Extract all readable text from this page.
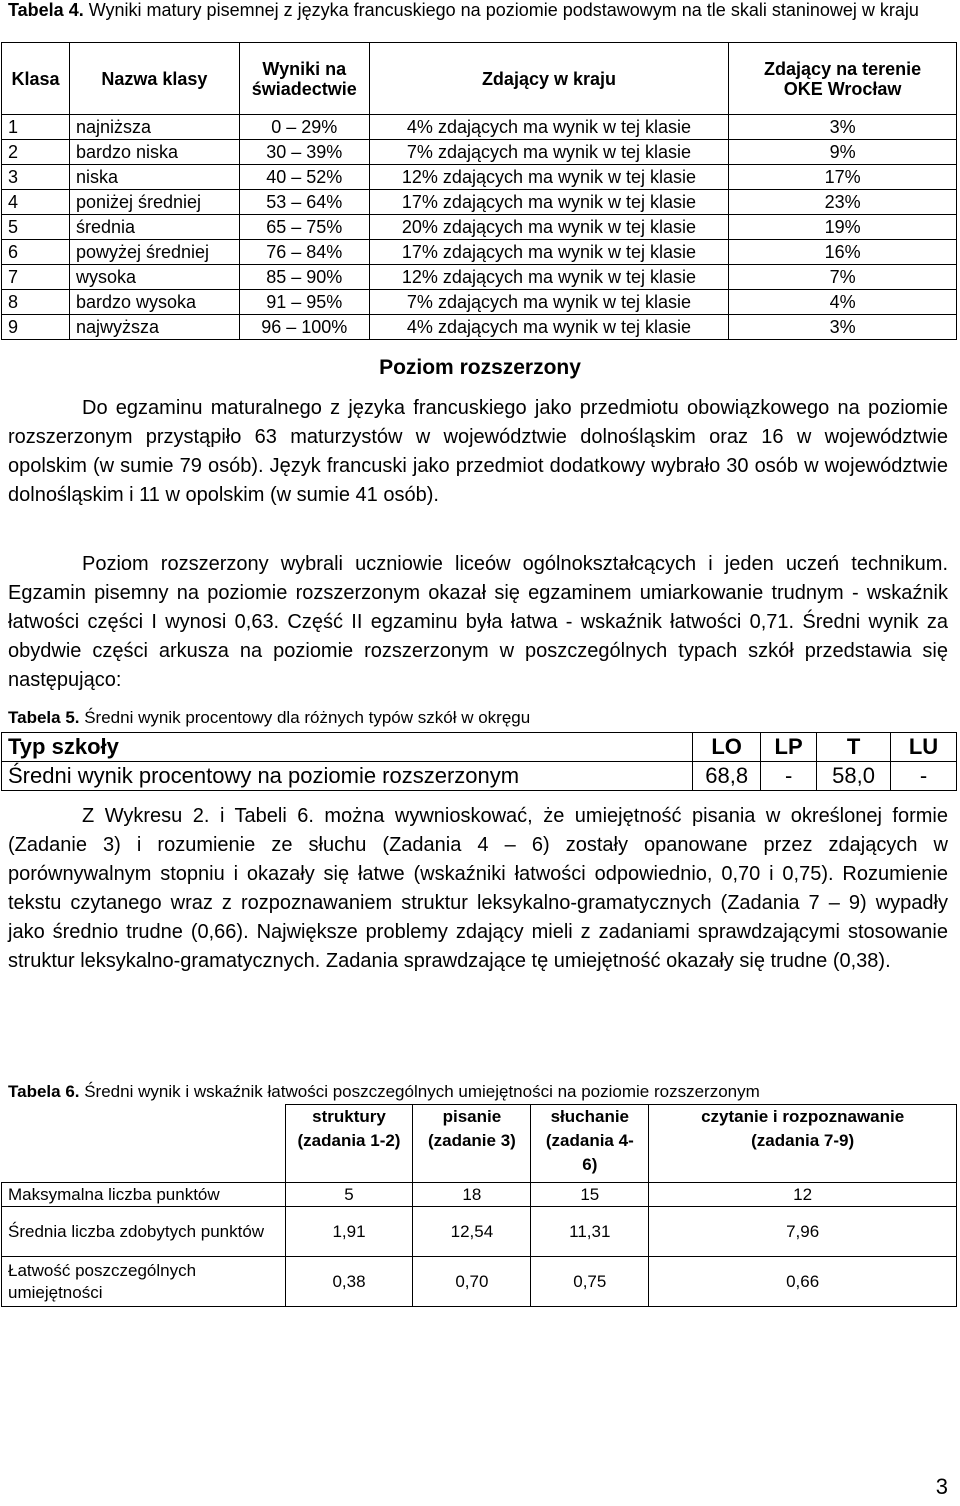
Tabela 4. Wyniki matury pisemnej z języka francuskiego na poziomie podstawowym na tle skali staninowej w kraju
Klasa	Nazwa klasy	Wyniki na świadectwie	Zdający w kraju	Zdający na terenie OKE Wrocław
1	najniższa	0 – 29%	4% zdających ma wynik w tej klasie	3%
2	bardzo niska	30 – 39%	7% zdających ma wynik w tej klasie	9%
3	niska	40 – 52%	12% zdających ma wynik w tej klasie	17%
4	poniżej średniej	53 – 64%	17% zdających ma wynik w tej klasie	23%
5	średnia	65 – 75%	20% zdających ma wynik w tej klasie	19%
6	powyżej średniej	76 – 84%	17% zdających ma wynik w tej klasie	16%
7	wysoka	85 – 90%	12% zdających ma wynik w tej klasie	7%
8	bardzo wysoka	91 – 95%	7% zdających ma wynik w tej klasie	4%
9	najwyższa	96 – 100%	4% zdających ma wynik w tej klasie	3%
Poziom rozszerzony
Do egzaminu maturalnego z języka francuskiego jako przedmiotu obowiązkowego na poziomie rozszerzonym przystąpiło 63 maturzystów w województwie dolnośląskim oraz 16 w województwie opolskim (w sumie 79 osób). Język francuski jako przedmiot dodatkowy wybrało 30 osób w województwie dolnośląskim i 11 w opolskim (w sumie 41 osób).
Poziom rozszerzony wybrali uczniowie liceów ogólnokształcących i jeden uczeń technikum. Egzamin pisemny na poziomie rozszerzonym okazał się egzaminem umiarkowanie trudnym - wskaźnik łatwości części I wynosi 0,63. Część II egzaminu była łatwa - wskaźnik łatwości 0,71. Średni wynik za obydwie części arkusza na poziomie rozszerzonym w poszczególnych typach szkół przedstawia się następująco:
Tabela 5. Średni wynik procentowy dla różnych typów szkół w okręgu
Typ szkoły	LO	LP	T	LU
Średni wynik procentowy na poziomie rozszerzonym	68,8	-	58,0	-
Z Wykresu 2. i Tabeli 6. można wywnioskować, że umiejętność pisania w określonej formie (Zadanie 3) i rozumienie ze słuchu (Zadania 4 – 6) zostały opanowane przez zdających w porównywalnym stopniu i okazały się łatwe (wskaźniki łatwości odpowiednio, 0,70 i 0,75). Rozumienie tekstu czytanego wraz z rozpoznawaniem struktur leksykalno-gramatycznych (Zadania 7 – 9) wypadły jako średnio trudne (0,66). Największe problemy zdający mieli z zadaniami sprawdzającymi stosowanie struktur leksykalno-gramatycznych. Zadania sprawdzające tę umiejętność okazały się trudne (0,38).
Tabela 6. Średni wynik i wskaźnik łatwości poszczególnych umiejętności na poziomie rozszerzonym
	struktury (zadania 1-2)	pisanie (zadanie 3)	słuchanie (zadania 4-6)	czytanie i rozpoznawanie (zadania 7-9)
Maksymalna liczba punktów	5	18	15	12
Średnia liczba zdobytych punktów	1,91	12,54	11,31	7,96
Łatwość poszczególnych umiejętności	0,38	0,70	0,75	0,66
3
